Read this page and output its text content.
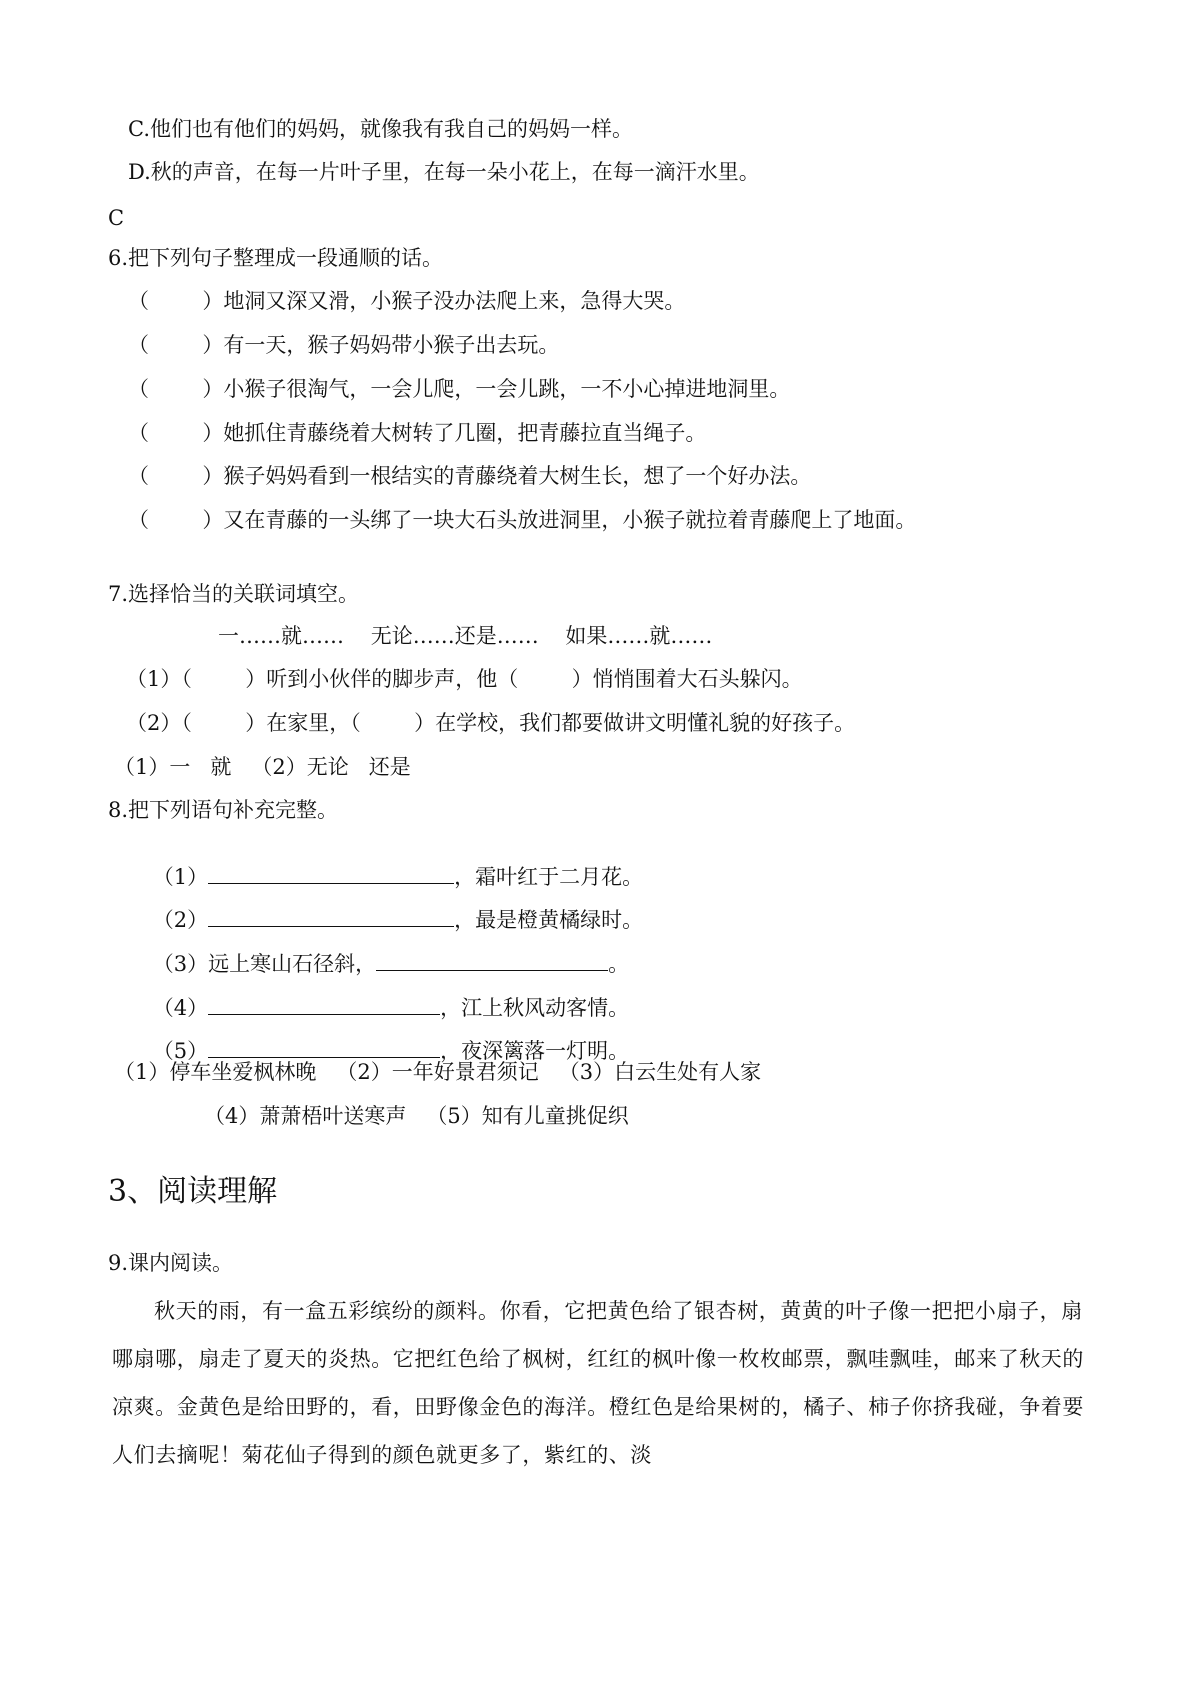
C.他们也有他们的妈妈，就像我有我自己的妈妈一样。
D.秋的声音，在每一片叶子里，在每一朵小花上，在每一滴汗水里。
C
6.把下列句子整理成一段通顺的话。
（        ）地洞又深又滑，小猴子没办法爬上来，急得大哭。
（        ）有一天，猴子妈妈带小猴子出去玩。
（        ）小猴子很淘气，一会儿爬，一会儿跳，一不小心掉进地洞里。
（        ）她抓住青藤绕着大树转了几圈，把青藤拉直当绳子。
（        ）猴子妈妈看到一根结实的青藤绕着大树生长，想了一个好办法。
（        ）又在青藤的一头绑了一块大石头放进洞里，小猴子就拉着青藤爬上了地面。
7.选择恰当的关联词填空。
一……就……    无论……还是……    如果……就……
（1）（        ）听到小伙伴的脚步声，他（        ）悄悄围着大石头躲闪。
（2）（        ）在家里，（        ）在学校，我们都要做讲文明懂礼貌的好孩子。
（1）一   就   （2）无论   还是
8.把下列语句补充完整。

（1）	，霜叶红于二月花。

（2）	，最是橙黄橘绿时。

（3）远上寒山石径斜，	。

（4）	，江上秋风动客情。

（5）	，夜深篱落一灯明。

（1）停车坐爱枫林晚   （2）一年好景君须记   （3）白云生处有人家
（4）萧萧梧叶送寒声   （5）知有儿童挑促织
3、阅读理解
9.课内阅读。
秋天的雨，有一盒五彩缤纷的颜料。你看，它把黄色给了银杏树，黄黄的叶子像一把把小扇子，扇哪扇哪，扇走了夏天的炎热。它把红色给了枫树，红红的枫叶像一枚枚邮票，飘哇飘哇，邮来了秋天的凉爽。金黄色是给田野的，看，田野像金色的海洋。橙红色是给果树的，橘子、柿子你挤我碰，争着要人们去摘呢！菊花仙子得到的颜色就更多了，紫红的、淡
